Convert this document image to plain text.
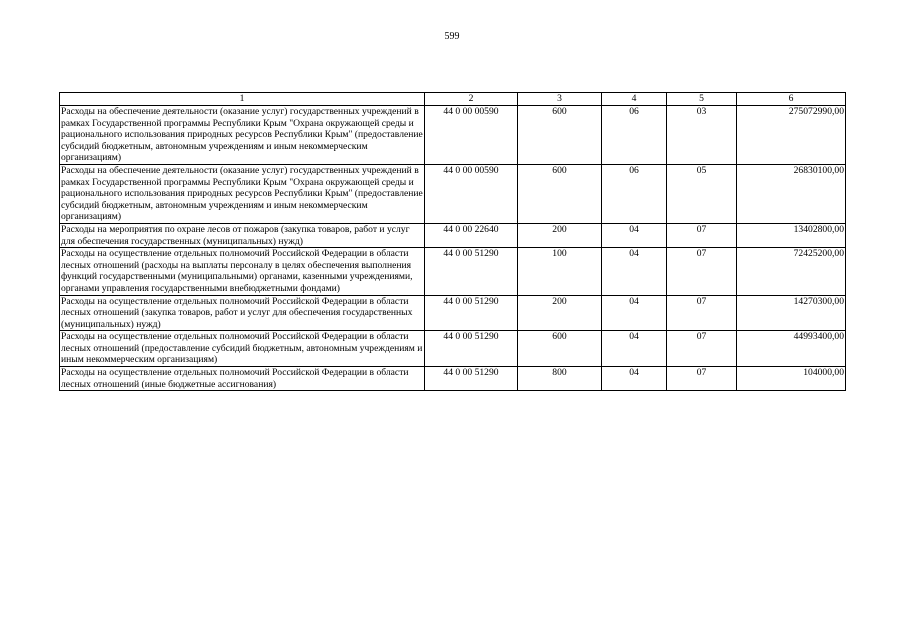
599
1	2	3	4	5	6
Расходы на обеспечение деятельности (оказание услуг) государственных учреждений в рамках Государственной программы Республики Крым "Охрана окружающей среды и рационального использования природных ресурсов Республики Крым" (предоставление субсидий бюджетным, автономным учреждениям и иным некоммерческим организациям)	44 0 00 00590	600	06	03	275072990,00
Расходы на обеспечение деятельности (оказание услуг) государственных учреждений в рамках Государственной программы Республики Крым "Охрана окружающей среды и рационального использования природных ресурсов Республики Крым" (предоставление субсидий бюджетным, автономным учреждениям и иным некоммерческим организациям)	44 0 00 00590	600	06	05	26830100,00
Расходы на мероприятия по охране лесов от пожаров (закупка товаров, работ и услуг для обеспечения государственных (муниципальных) нужд)	44 0 00 22640	200	04	07	13402800,00
Расходы на осуществление отдельных полномочий Российской Федерации в области лесных отношений (расходы на выплаты персоналу в целях обеспечения выполнения функций государственными (муниципальными) органами, казенными учреждениями, органами управления государственными внебюджетными фондами)	44 0 00 51290	100	04	07	72425200,00
Расходы на осуществление отдельных полномочий Российской Федерации в области лесных отношений (закупка товаров, работ и услуг для обеспечения государственных (муниципальных) нужд)	44 0 00 51290	200	04	07	14270300,00
Расходы на осуществление отдельных полномочий Российской Федерации в области лесных отношений (предоставление субсидий бюджетным, автономным учреждениям и иным некоммерческим организациям)	44 0 00 51290	600	04	07	44993400,00
Расходы на осуществление отдельных полномочий Российской Федерации в области лесных отношений (иные бюджетные ассигнования)	44 0 00 51290	800	04	07	104000,00
